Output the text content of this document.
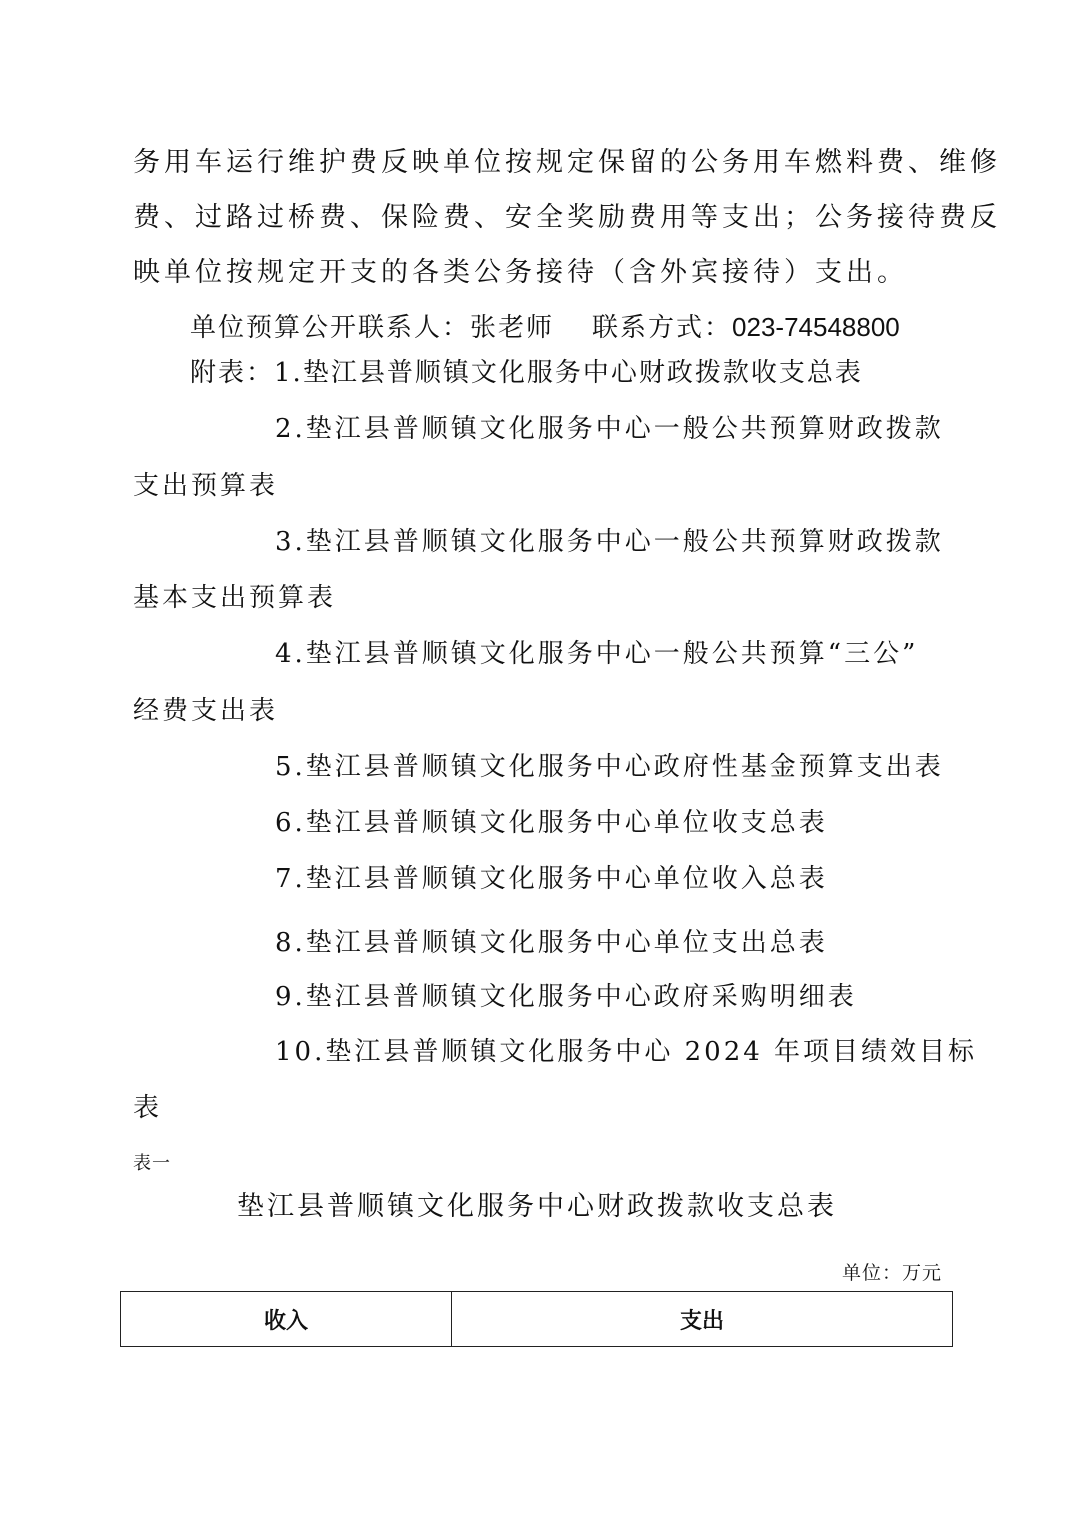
务用车运行维护费反映单位按规定保留的公务用车燃料费、维修
费、过路过桥费、保险费、安全奖励费用等支出；公务接待费反
映单位按规定开支的各类公务接待（含外宾接待）支出。
单位预算公开联系人：张老师 联系方式：023-74548800
附表：1.垫江县普顺镇文化服务中心财政拨款收支总表
2.垫江县普顺镇文化服务中心一般公共预算财政拨款
支出预算表
3.垫江县普顺镇文化服务中心一般公共预算财政拨款
基本支出预算表
4.垫江县普顺镇文化服务中心一般公共预算“三公”
经费支出表
5.垫江县普顺镇文化服务中心政府性基金预算支出表
6.垫江县普顺镇文化服务中心单位收支总表
7.垫江县普顺镇文化服务中心单位收入总表
8.垫江县普顺镇文化服务中心单位支出总表
9.垫江县普顺镇文化服务中心政府采购明细表
10.垫江县普顺镇文化服务中心 2024 年项目绩效目标
表
表一
垫江县普顺镇文化服务中心财政拨款收支总表
单位：万元
收入	支出
